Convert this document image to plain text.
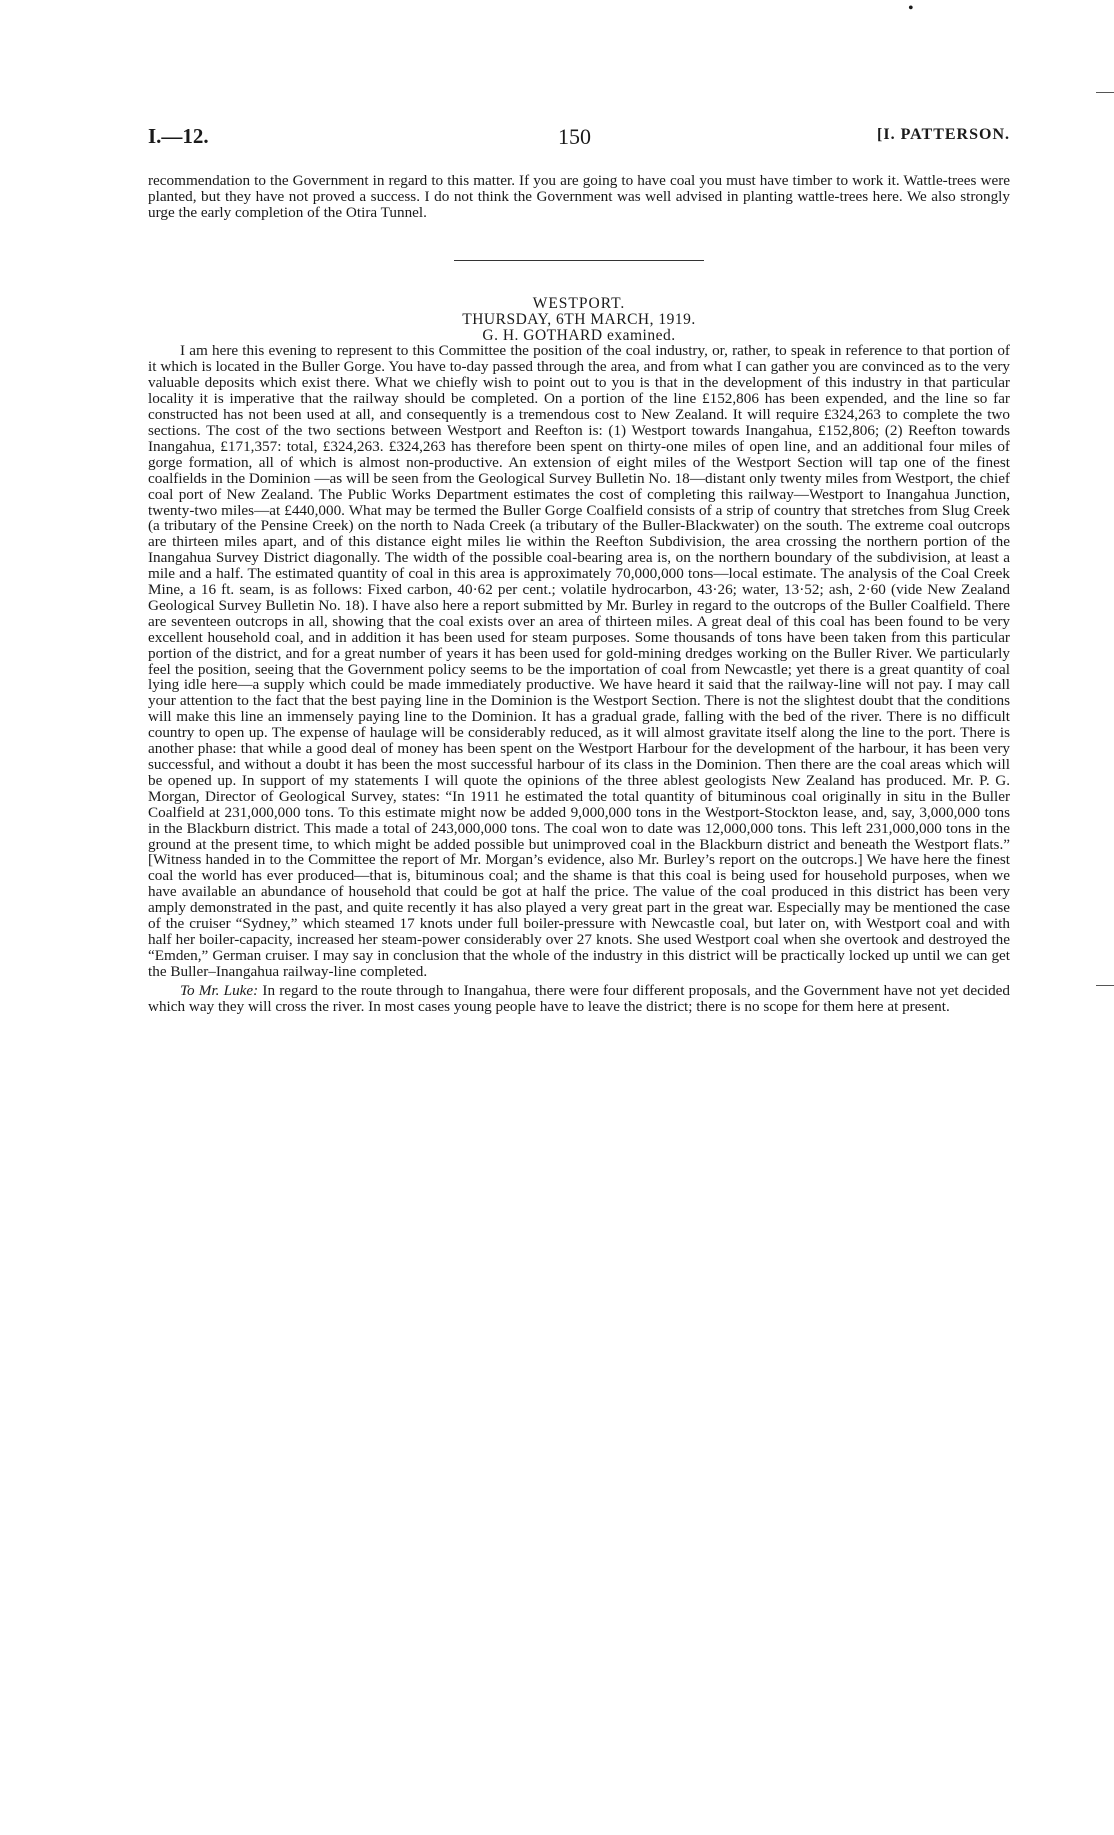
•
I.—12.	150	[I. PATTERSON.

recommendation to the Government in regard to this matter. If you are going to have coal you must have timber to work it. Wattle-trees were planted, but they have not proved a success. I do not think the Government was well advised in planting wattle-trees here. We also strongly urge the early completion of the Otira Tunnel.

WESTPORT.

THURSDAY, 6TH MARCH, 1919.

G. H. GOTHARD examined.

I am here this evening to represent to this Committee the position of the coal industry, or, rather, to speak in reference to that portion of it which is located in the Buller Gorge. You have to-day passed through the area, and from what I can gather you are convinced as to the very valuable deposits which exist there. What we chiefly wish to point out to you is that in the development of this industry in that particular locality it is imperative that the railway should be completed. On a portion of the line £152,806 has been expended, and the line so far constructed has not been used at all, and consequently is a tremendous cost to New Zealand. It will require £324,263 to complete the two sections. The cost of the two sections between Westport and Reefton is: (1) Westport towards Inangahua, £152,806; (2) Reefton towards Inangahua, £171,357: total, £324,263. £324,263 has therefore been spent on thirty-one miles of open line, and an additional four miles of gorge formation, all of which is almost non-productive. An extension of eight miles of the Westport Section will tap one of the finest coalfields in the Dominion —as will be seen from the Geological Survey Bulletin No. 18—distant only twenty miles from Westport, the chief coal port of New Zealand. The Public Works Department estimates the cost of completing this railway—Westport to Inangahua Junction, twenty-two miles—at £440,000. What may be termed the Buller Gorge Coalfield consists of a strip of country that stretches from Slug Creek (a tributary of the Pensine Creek) on the north to Nada Creek (a tributary of the Buller-Blackwater) on the south. The extreme coal outcrops are thirteen miles apart, and of this distance eight miles lie within the Reefton Subdivision, the area crossing the northern portion of the Inangahua Survey District diagonally. The width of the possible coal-bearing area is, on the northern boundary of the subdivision, at least a mile and a half. The estimated quantity of coal in this area is approximately 70,000,000 tons—local estimate. The analysis of the Coal Creek Mine, a 16 ft. seam, is as follows: Fixed carbon, 40·62 per cent.; volatile hydrocarbon, 43·26; water, 13·52; ash, 2·60 (vide New Zealand Geological Survey Bulletin No. 18). I have also here a report submitted by Mr. Burley in regard to the outcrops of the Buller Coalfield. There are seventeen outcrops in all, showing that the coal exists over an area of thirteen miles. A great deal of this coal has been found to be very excellent household coal, and in addition it has been used for steam purposes. Some thousands of tons have been taken from this particular portion of the district, and for a great number of years it has been used for gold-mining dredges working on the Buller River. We particularly feel the position, seeing that the Government policy seems to be the importation of coal from Newcastle; yet there is a great quantity of coal lying idle here—a supply which could be made immediately productive. We have heard it said that the railway-line will not pay. I may call your attention to the fact that the best paying line in the Dominion is the Westport Section. There is not the slightest doubt that the conditions will make this line an immensely paying line to the Dominion. It has a gradual grade, falling with the bed of the river. There is no difficult country to open up. The expense of haulage will be considerably reduced, as it will almost gravitate itself along the line to the port. There is another phase: that while a good deal of money has been spent on the Westport Harbour for the development of the harbour, it has been very successful, and without a doubt it has been the most successful harbour of its class in the Dominion. Then there are the coal areas which will be opened up. In support of my statements I will quote the opinions of the three ablest geologists New Zealand has produced. Mr. P. G. Morgan, Director of Geological Survey, states: “In 1911 he estimated the total quantity of bituminous coal originally in situ in the Buller Coalfield at 231,000,000 tons. To this estimate might now be added 9,000,000 tons in the Westport-Stockton lease, and, say, 3,000,000 tons in the Blackburn district. This made a total of 243,000,000 tons. The coal won to date was 12,000,000 tons. This left 231,000,000 tons in the ground at the present time, to which might be added possible but unimproved coal in the Blackburn district and beneath the Westport flats.” [Witness handed in to the Committee the report of Mr. Morgan’s evidence, also Mr. Burley’s report on the outcrops.] We have here the finest coal the world has ever produced—that is, bituminous coal; and the shame is that this coal is being used for household purposes, when we have available an abundance of household that could be got at half the price. The value of the coal produced in this district has been very amply demonstrated in the past, and quite recently it has also played a very great part in the great war. Especially may be mentioned the case of the cruiser “Sydney,” which steamed 17 knots under full boiler-pressure with Newcastle coal, but later on, with Westport coal and with half her boiler-capacity, increased her steam-power considerably over 27 knots. She used Westport coal when she overtook and destroyed the “Emden,” German cruiser. I may say in conclusion that the whole of the industry in this district will be practically locked up until we can get the Buller–Inangahua railway-line completed.

To Mr. Luke: In regard to the route through to Inangahua, there were four different proposals, and the Government have not yet decided which way they will cross the river. In most cases young people have to leave the district; there is no scope for them here at present.
